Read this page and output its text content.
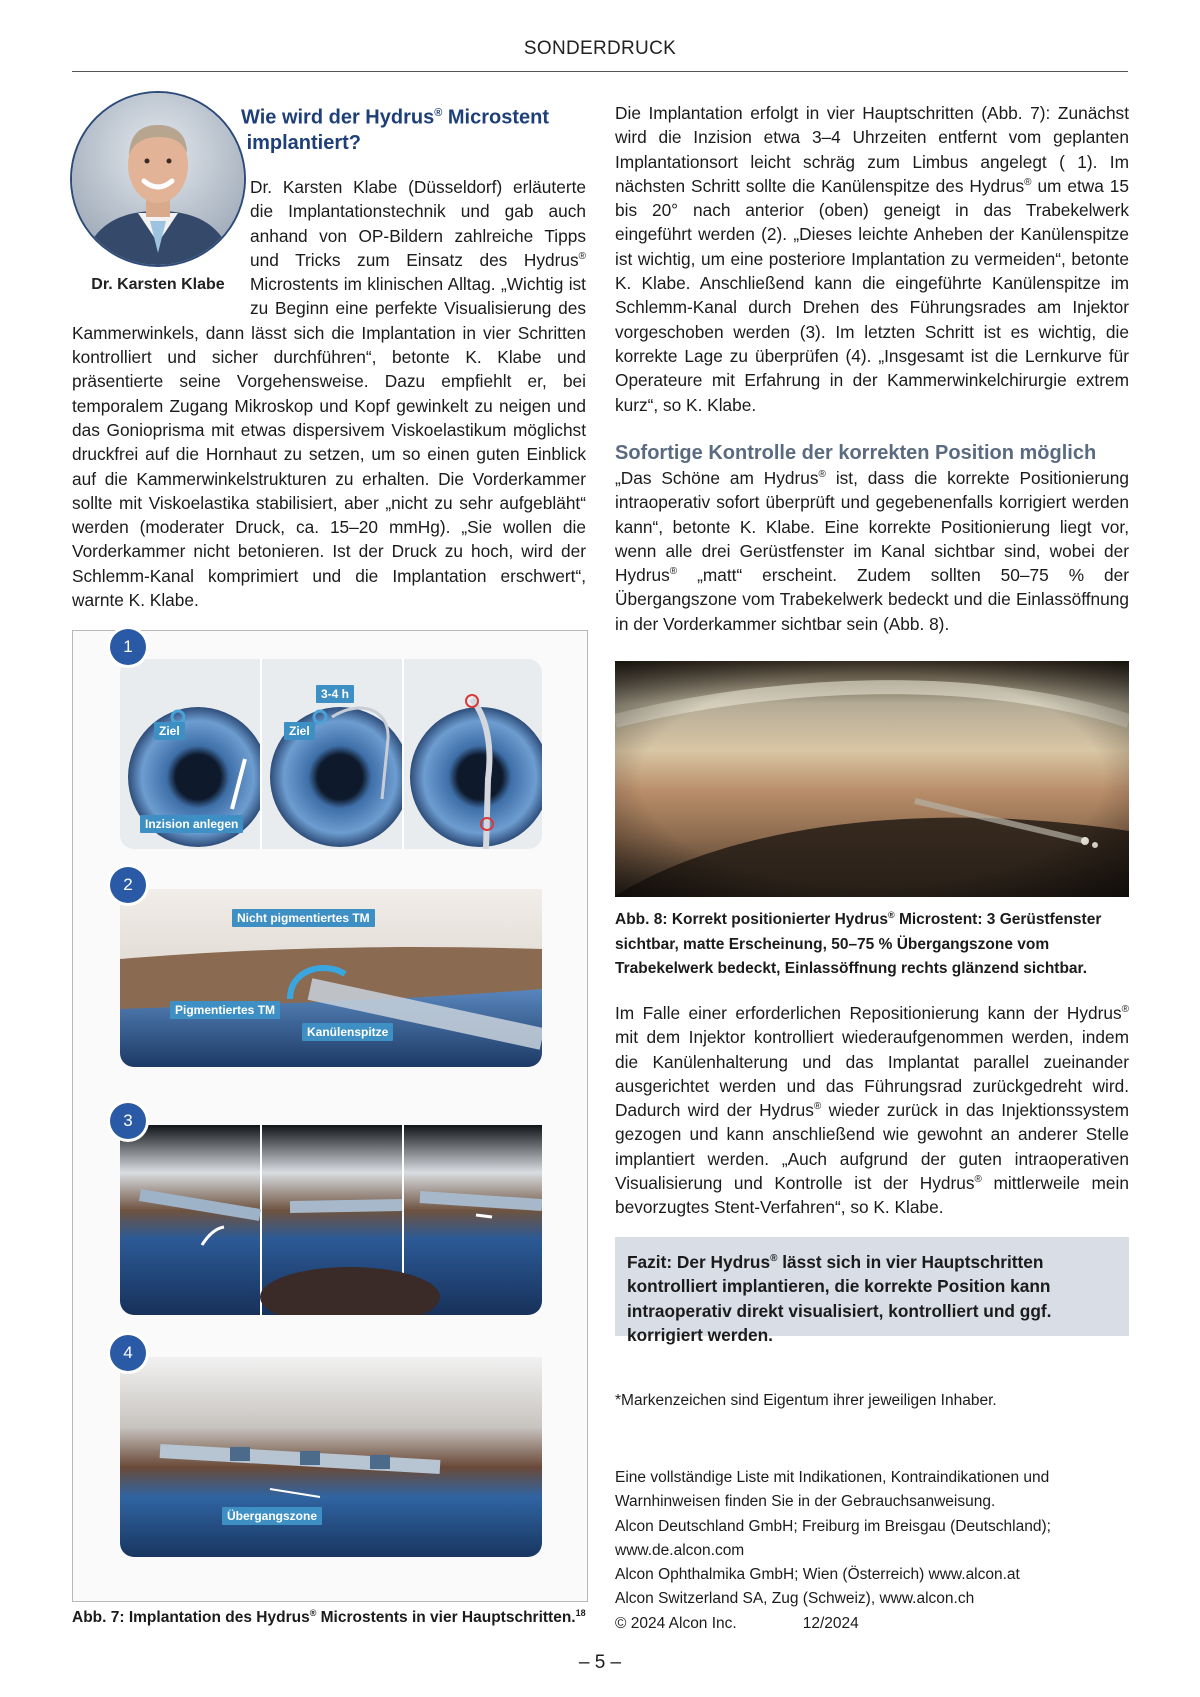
SONDERDRUCK
Dr. Karsten Klabe
Wie wird der Hydrus® Microstent
implantiert?
Dr. Karsten Klabe (Düsseldorf) erläuterte die Implantationstechnik und gab auch anhand von OP-Bildern zahlreiche Tipps und Tricks zum Einsatz des Hydrus® Microstents im klinischen Alltag. „Wichtig ist zu Beginn eine perfekte Visualisierung des Kammerwinkels, dann lässt sich die Implantation in vier Schritten kontrolliert und sicher durchführen“, betonte K. Klabe und präsentierte seine Vorgehensweise. Dazu empfiehlt er, bei temporalem Zugang Mikroskop und Kopf gewinkelt zu neigen und das Gonioprisma mit etwas dispersivem Viskoelastikum möglichst druckfrei auf die Hornhaut zu setzen, um so einen guten Einblick auf die Kammerwinkelstrukturen zu erhalten. Die Vorderkammer sollte mit Viskoelastika stabilisiert, aber „nicht zu sehr aufgebläht“ werden (moderater Druck, ca. 15–20 mmHg). „Sie wollen die Vorderkammer nicht betonieren. Ist der Druck zu hoch, wird der Schlemm-Kanal komprimiert und die Implantation erschwert“, warnte K. Klabe.
Die Implantation erfolgt in vier Hauptschritten (Abb. 7): Zunächst wird die Inzision etwa 3–4 Uhrzeiten entfernt vom geplanten Implantationsort leicht schräg zum Limbus angelegt ( 1). Im nächsten Schritt sollte die Kanülenspitze des Hydrus® um etwa 15 bis 20° nach anterior (oben) geneigt in das Trabekelwerk eingeführt werden (2). „Dieses leichte Anheben der Kanülenspitze ist wichtig, um eine posteriore Implantation zu vermeiden“, betonte K. Klabe. Anschließend kann die eingeführte Kanülenspitze im Schlemm-Kanal durch Drehen des Führungsrades am Injektor vorgeschoben werden (3). Im letzten Schritt ist es wichtig, die korrekte Lage zu überprüfen (4). „Insgesamt ist die Lernkurve für Operateure mit Erfahrung in der Kammerwinkelchirurgie extrem kurz“, so K. Klabe.
Sofortige Kontrolle der korrekten Position möglich
„Das Schöne am Hydrus® ist, dass die korrekte Positionierung intraoperativ sofort überprüft und gegebenenfalls korrigiert werden kann“, betonte K. Klabe. Eine korrekte Positionierung liegt vor, wenn alle drei Gerüstfenster im Kanal sichtbar sind, wobei der Hydrus® „matt“ erscheint. Zudem sollten 50–75 % der Übergangszone vom Trabekelwerk bedeckt und die Einlassöffnung in der Vorderkammer sichtbar sein (Abb. 8).
Ziel	Ziel
3-4 h
Inzision anlegen
1
Nicht pigmentiertes TM
Pigmentiertes TM
Kanülenspitze
2
3
Übergangszone
4
Abb. 7: Implantation des Hydrus® Microstents in vier Hauptschritten.$^{18}$
Abb. 8: Korrekt positionierter Hydrus® Microstent: 3 Gerüstfenster sichtbar, matte Erscheinung, 50–75 % Übergangszone vom Trabekelwerk bedeckt, Einlassöffnung rechts glänzend sichtbar.
Im Falle einer erforderlichen Repositionierung kann der Hydrus® mit dem Injektor kontrolliert wiederaufgenommen werden, indem die Kanülenhalterung und das Implantat parallel zueinander ausgerichtet werden und das Führungsrad zurückgedreht wird. Dadurch wird der Hydrus® wieder zurück in das Injektionssystem gezogen und kann anschließend wie gewohnt an anderer Stelle implantiert werden. „Auch aufgrund der guten intraoperativen Visualisierung und Kontrolle ist der Hydrus® mittlerweile mein bevorzugtes Stent-Verfahren“, so K. Klabe.
Fazit: Der Hydrus® lässt sich in vier Hauptschritten kontrolliert implantieren, die korrekte Position kann intraoperativ direkt visualisiert, kontrolliert und ggf. korrigiert werden.
*Markenzeichen sind Eigentum ihrer jeweiligen Inhaber.
Eine vollständige Liste mit Indikationen, Kontraindikationen und Warnhinweisen finden Sie in der Gebrauchsanweisung.
Alcon Deutschland GmbH; Freiburg im Breisgau (Deutschland); www.de.alcon.com
Alcon Ophthalmika GmbH; Wien (Österreich) www.alcon.at
Alcon Switzerland SA, Zug (Schweiz), www.alcon.ch
© 2024 Alcon Inc.	12/2024
– 5 –
